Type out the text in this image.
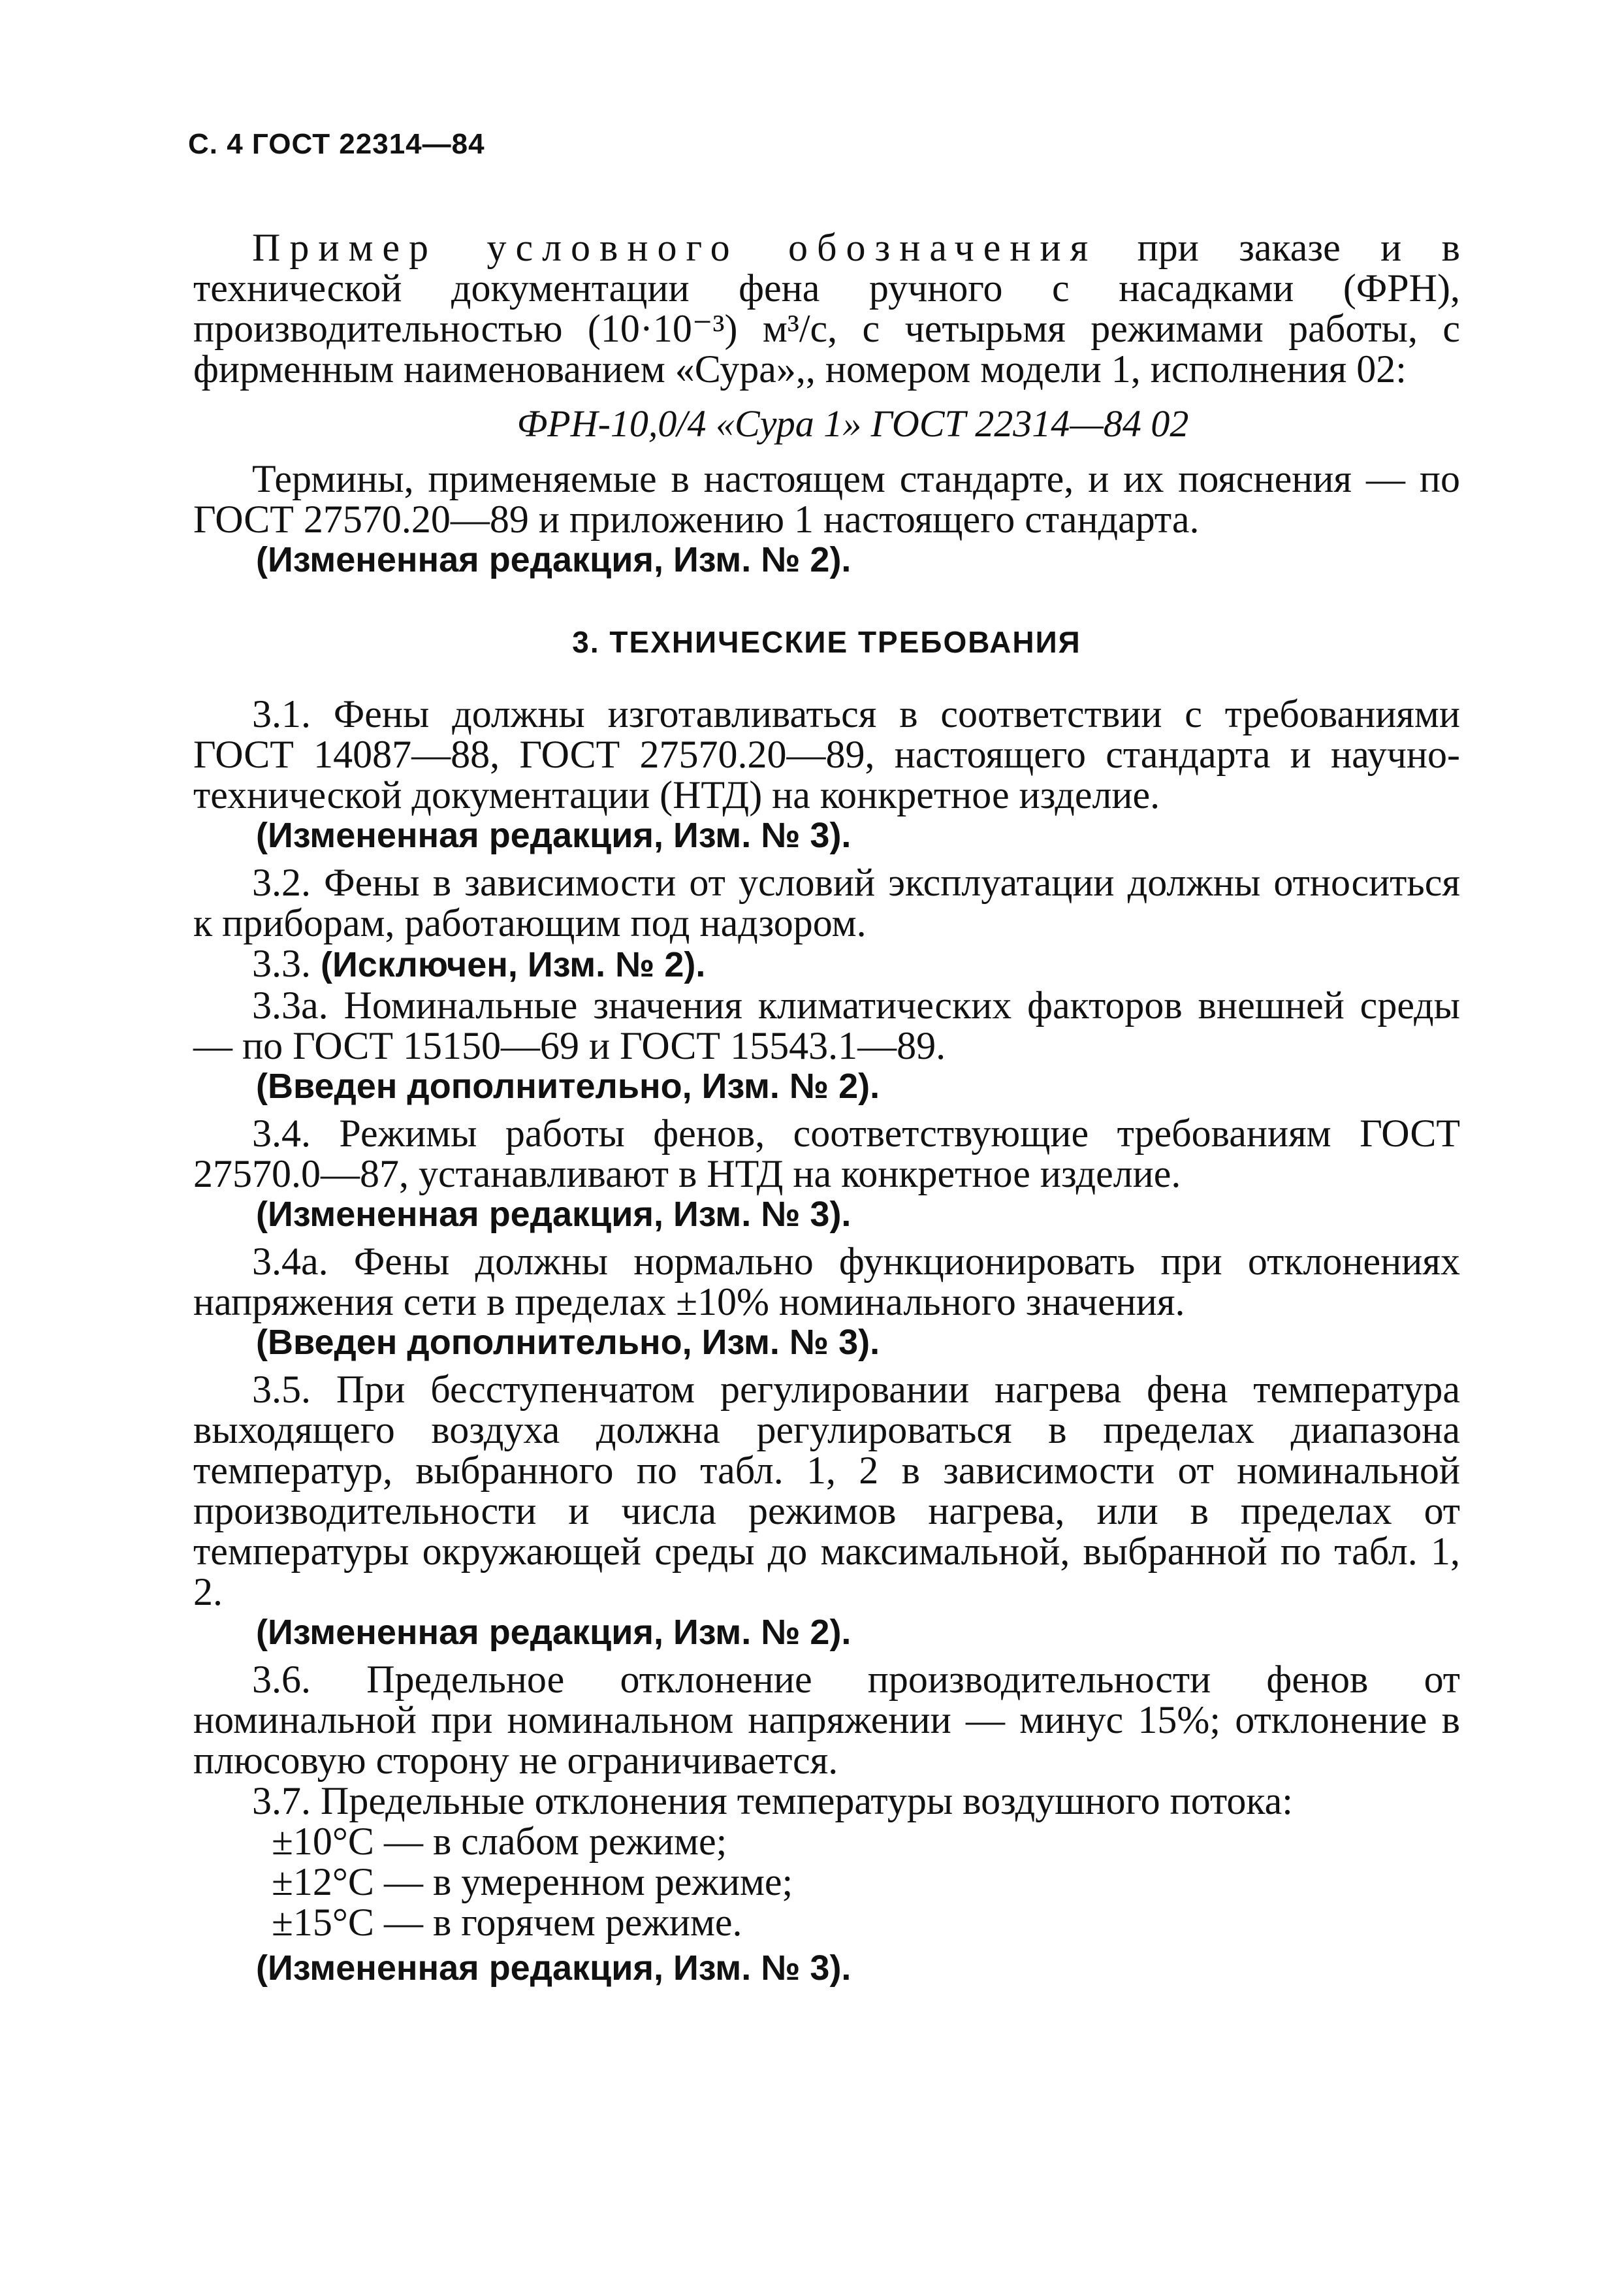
С. 4 ГОСТ 22314—84

Пример условного обозначения при заказе и в технической документации фена ручного с насадками (ФРН), производительностью (10·10⁻³) м³/с, с четырьмя режимами работы, с фирменным наименованием «Сура»,, номером модели 1, исполнения 02:

ФРН-10,0/4 «Сура 1» ГОСТ 22314—84 02

Термины, применяемые в настоящем стандарте, и их пояснения — по ГОСТ 27570.20—89 и приложению 1 настоящего стандарта.

(Измененная редакция, Изм. № 2).

3. ТЕХНИЧЕСКИЕ ТРЕБОВАНИЯ

3.1. Фены должны изготавливаться в соответствии с требованиями ГОСТ 14087—88, ГОСТ 27570.20—89, настоящего стандарта и научно-технической документации (НТД) на конкретное изделие.

(Измененная редакция, Изм. № 3).

3.2. Фены в зависимости от условий эксплуатации должны относиться к приборам, работающим под надзором.

3.3. (Исключен, Изм. № 2).

3.3а. Номинальные значения климатических факторов внешней среды — по ГОСТ 15150—69 и ГОСТ 15543.1—89.

(Введен дополнительно, Изм. № 2).

3.4. Режимы работы фенов, соответствующие требованиям ГОСТ 27570.0—87, устанавливают в НТД на конкретное изделие.

(Измененная редакция, Изм. № 3).

3.4а. Фены должны нормально функционировать при отклонениях напряжения сети в пределах ±10% номинального значения.

(Введен дополнительно, Изм. № 3).

3.5. При бесступенчатом регулировании нагрева фена температура выходящего воздуха должна регулироваться в пределах диапазона температур, выбранного по табл. 1, 2 в зависимости от номинальной производительности и числа режимов нагрева, или в пределах от температуры окружающей среды до максимальной, выбранной по табл. 1, 2.

(Измененная редакция, Изм. № 2).

3.6. Предельное отклонение производительности фенов от номинальной при номинальном напряжении — минус 15%; отклонение в плюсовую сторону не ограничивается.

3.7. Предельные отклонения температуры воздушного потока:

±10°С — в слабом режиме;

±12°С — в умеренном режиме;

±15°С — в горячем режиме.

(Измененная редакция, Изм. № 3).
